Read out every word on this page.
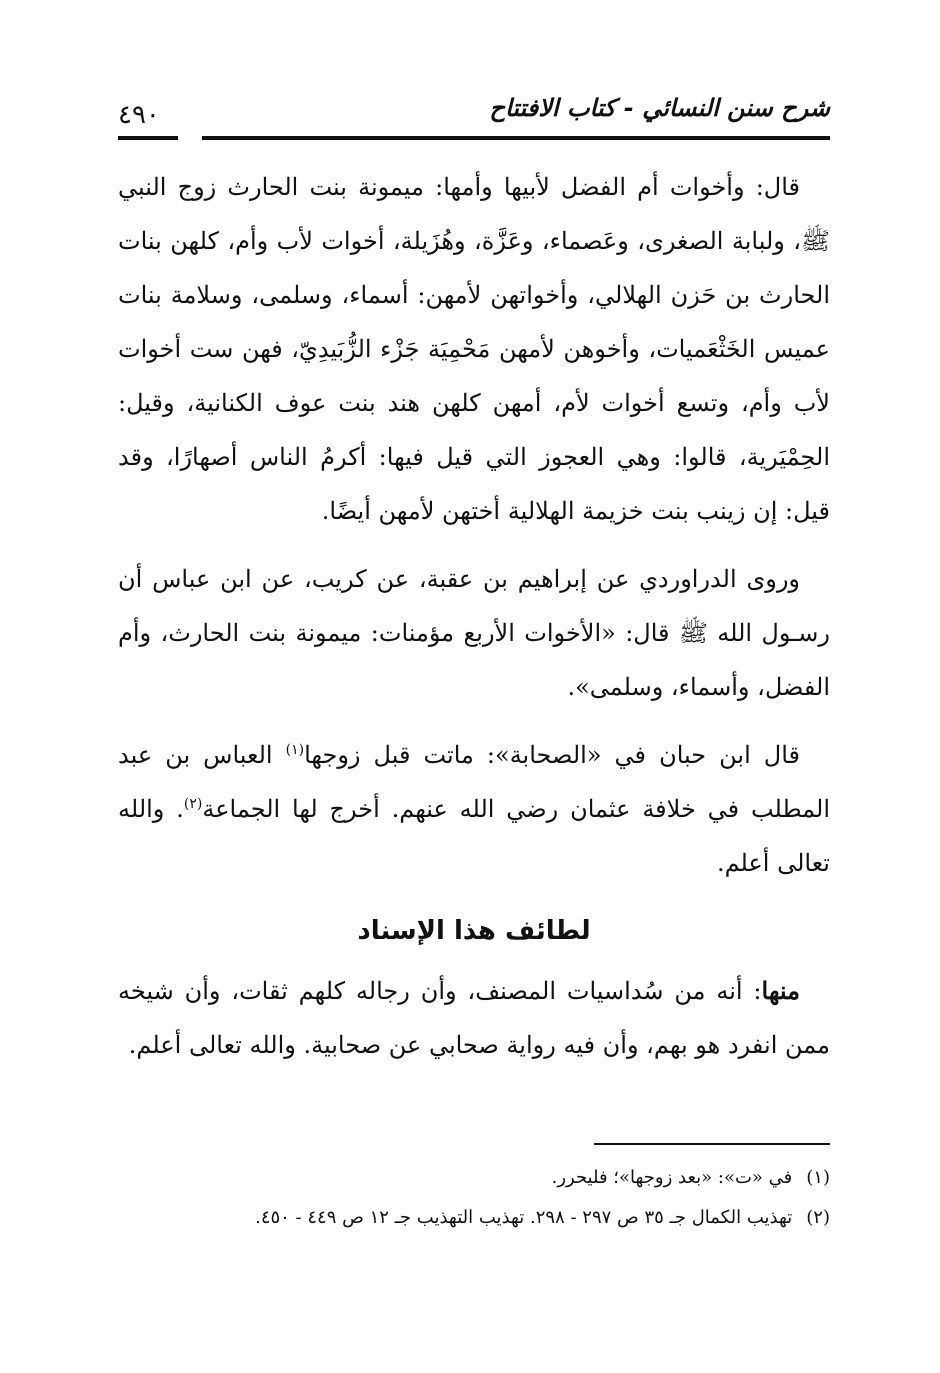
٤٩٠	شرح سنن النسائي - كتاب الافتتاح

قال: وأخوات أم الفضل لأبيها وأمها: ميمونة بنت الحارث زوج النبي ﷺ، ولبابة الصغرى، وعَصماء، وعَزَّة، وهُزَيلة، أخوات لأب وأم، كلهن بنات الحارث بن حَزن الهلالي، وأخواتهن لأمهن: أسماء، وسلمى، وسلامة بنات عميس الخَثْعَميات، وأخوهن لأمهن مَحْمِيَة جَزْء الزُّبَيدِيّ، فهن ست أخوات لأب وأم، وتسع أخوات لأم، أمهن كلهن هند بنت عوف الكنانية، وقيل: الحِمْيَرية، قالوا: وهي العجوز التي قيل فيها: أكرمُ الناس أصهارًا، وقد قيل: إن زينب بنت خزيمة الهلالية أختهن لأمهن أيضًا.

وروى الدراوردي عن إبراهيم بن عقبة، عن كريب، عن ابن عباس أن رسـول الله ﷺ قال: «الأخوات الأربع مؤمنات: ميمونة بنت الحارث، وأم الفضل، وأسماء، وسلمى».

قال ابن حبان في «الصحابة»: ماتت قبل زوجها$^{(١)}$ العباس بن عبد المطلب في خلافة عثمان رضي الله عنهم. أخرج لها الجماعة$^{(٢)}$. والله تعالى أعلم.

لطائف هذا الإسناد

منها: أنه من سُداسيات المصنف، وأن رجاله كلهم ثقات، وأن شيخه ممن انفرد هو بهم، وأن فيه رواية صحابي عن صحابية. والله تعالى أعلم.

(١)في «ت»: «بعد زوجها»؛ فليحرر.

(٢)تهذيب الكمال جـ ٣٥ ص ٢٩٧ - ٢٩٨. تهذيب التهذيب جـ ١٢ ص ٤٤٩ - ٤٥٠.
